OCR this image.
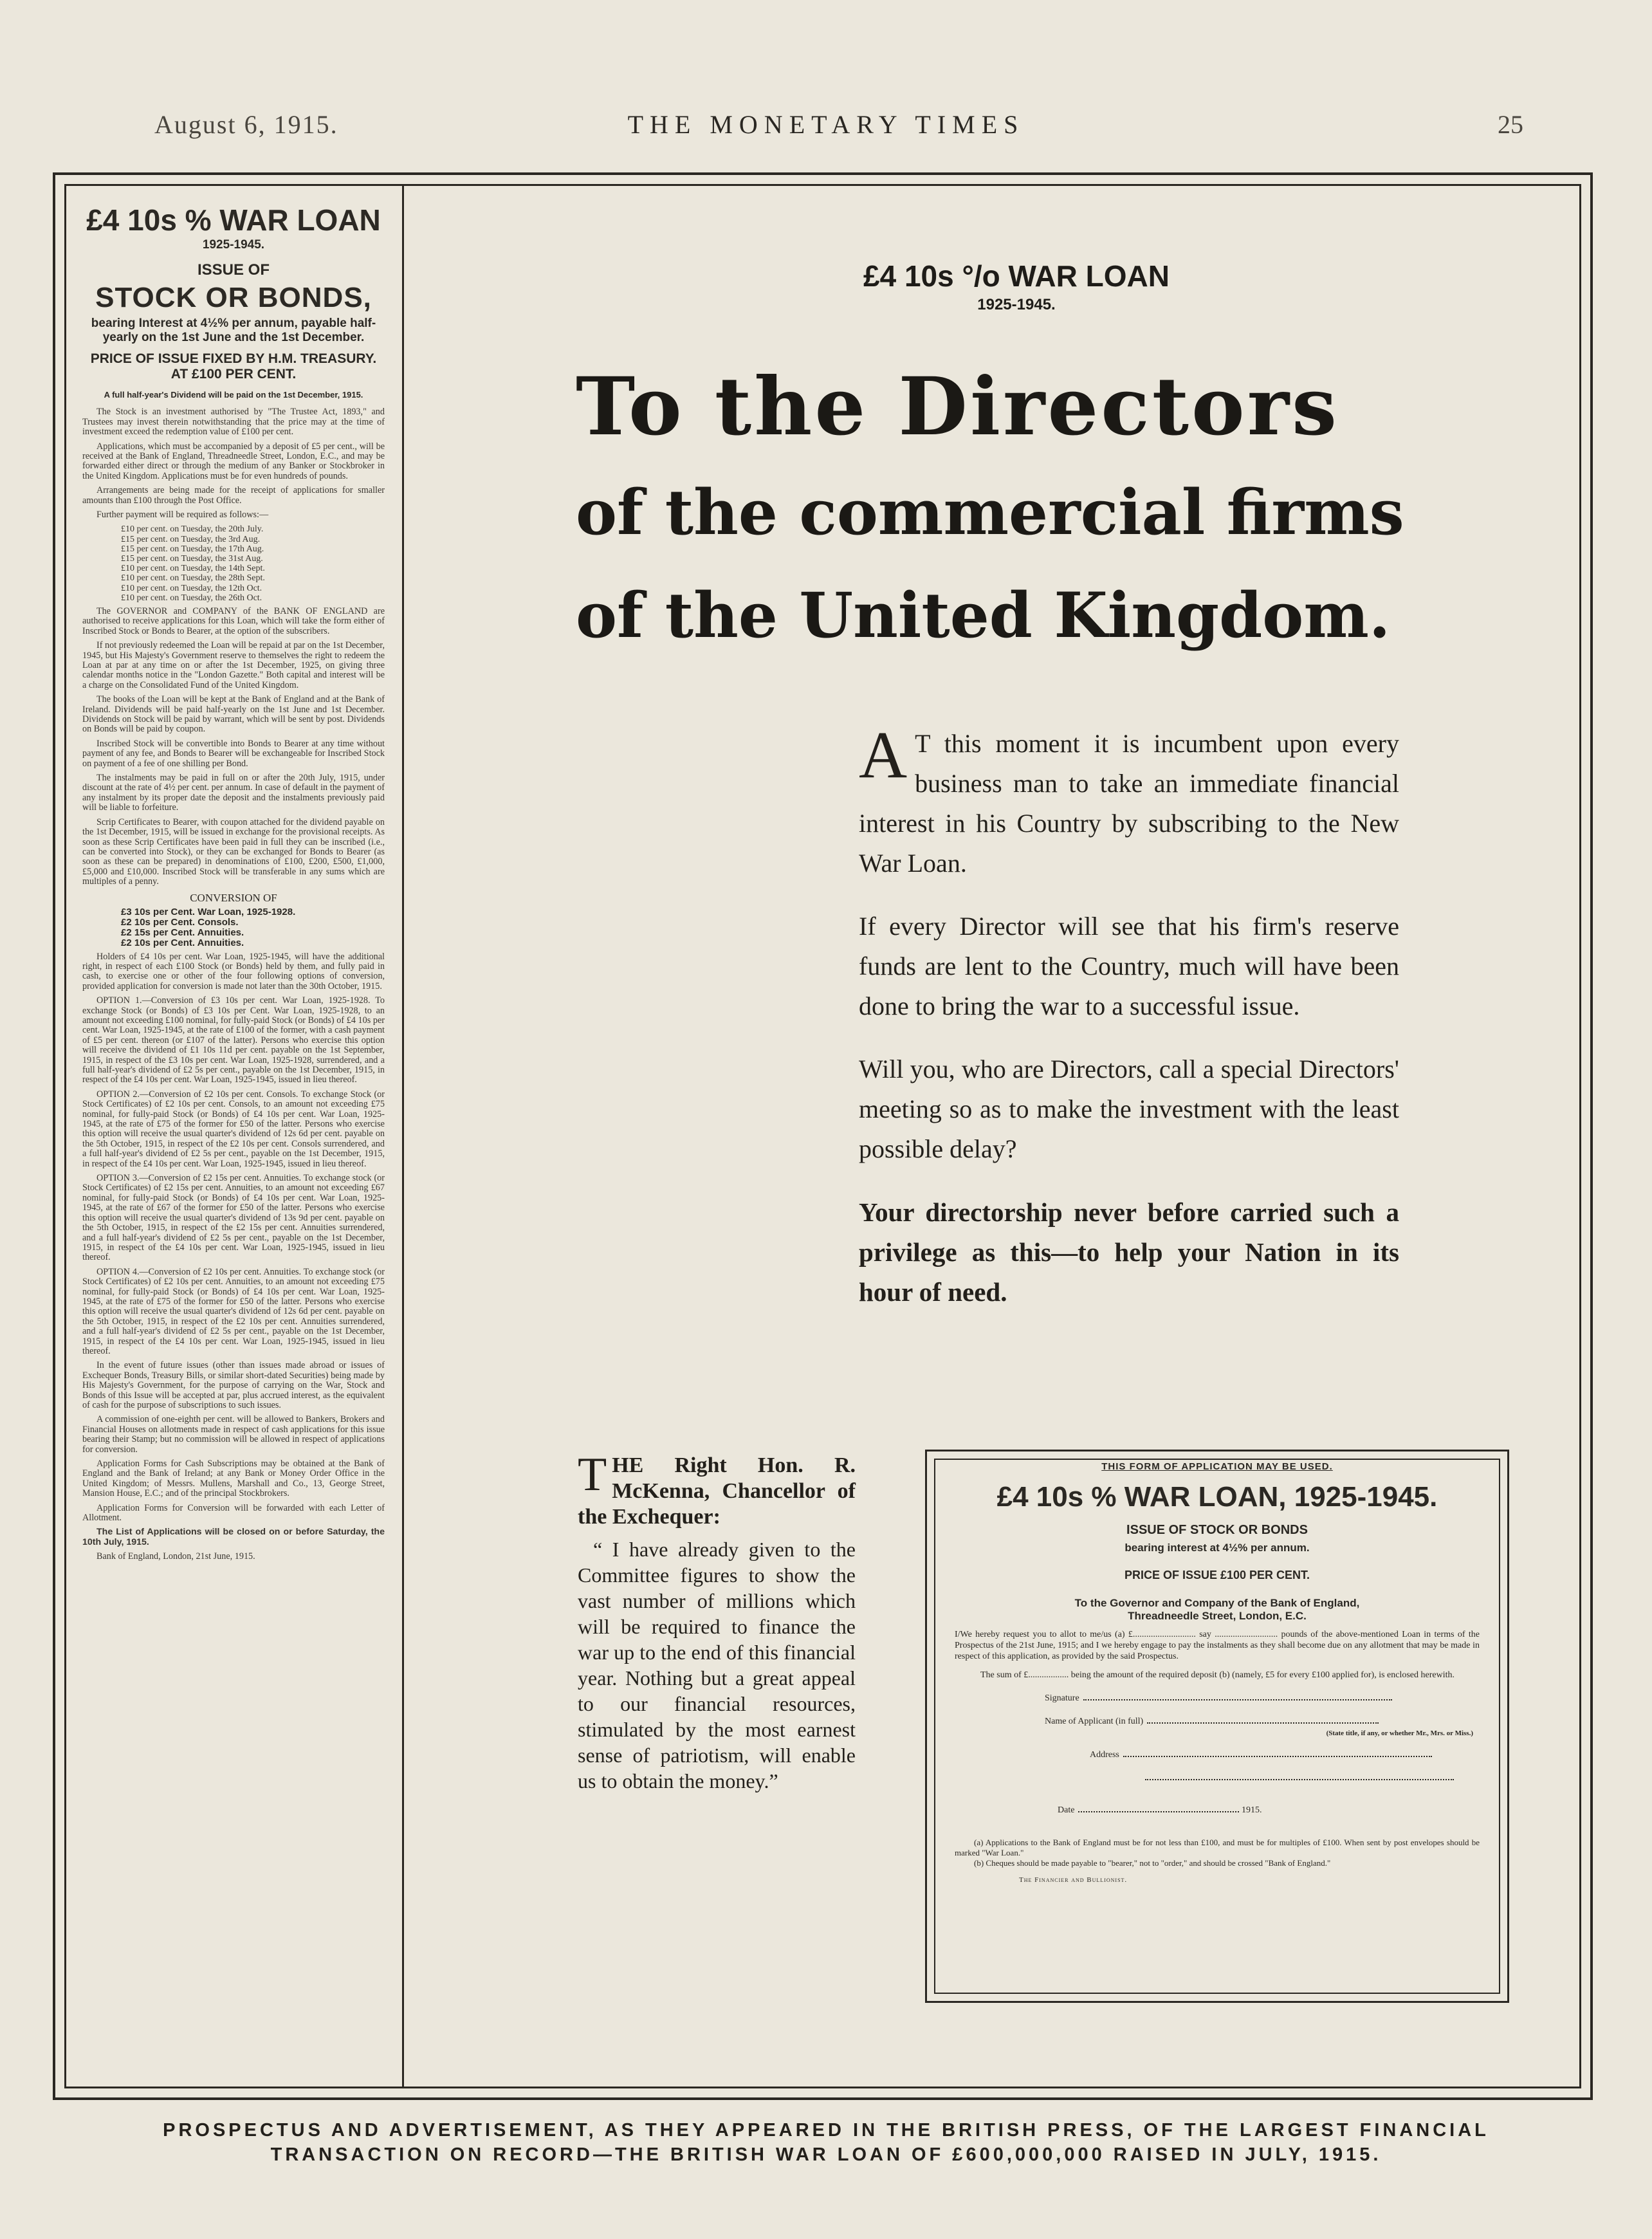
August 6, 1915.	THE MONETARY TIMES	25
£4 10s % WAR LOAN
1925-1945.
ISSUE OF
STOCK OR BONDS,
bearing Interest at 4½% per annum, payable half-yearly on the 1st June and the 1st December.
PRICE OF ISSUE FIXED BY H.M. TREASURY. AT £100 PER CENT.
A full half-year's Dividend will be paid on the 1st December, 1915.

The Stock is an investment authorised by "The Trustee Act, 1893," and Trustees may invest therein notwithstanding that the price may at the time of investment exceed the redemption value of £100 per cent.

Applications, which must be accompanied by a deposit of £5 per cent., will be received at the Bank of England, Threadneedle Street, London, E.C., and may be forwarded either direct or through the medium of any Banker or Stockbroker in the United Kingdom. Applications must be for even hundreds of pounds.

Arrangements are being made for the receipt of applications for smaller amounts than £100 through the Post Office.

Further payment will be required as follows:—

£10 per cent. on Tuesday, the 20th July.
£15 per cent. on Tuesday, the 3rd Aug.
£15 per cent. on Tuesday, the 17th Aug.
£15 per cent. on Tuesday, the 31st Aug.
£10 per cent. on Tuesday, the 14th Sept.
£10 per cent. on Tuesday, the 28th Sept.
£10 per cent. on Tuesday, the 12th Oct.
£10 per cent. on Tuesday, the 26th Oct.

The GOVERNOR and COMPANY of the BANK OF ENGLAND are authorised to receive applications for this Loan, which will take the form either of Inscribed Stock or Bonds to Bearer, at the option of the subscribers.

If not previously redeemed the Loan will be repaid at par on the 1st December, 1945, but His Majesty's Government reserve to themselves the right to redeem the Loan at par at any time on or after the 1st December, 1925, on giving three calendar months notice in the "London Gazette." Both capital and interest will be a charge on the Consolidated Fund of the United Kingdom.

The books of the Loan will be kept at the Bank of England and at the Bank of Ireland. Dividends will be paid half-yearly on the 1st June and 1st December. Dividends on Stock will be paid by warrant, which will be sent by post. Dividends on Bonds will be paid by coupon.

Inscribed Stock will be convertible into Bonds to Bearer at any time without payment of any fee, and Bonds to Bearer will be exchangeable for Inscribed Stock on payment of a fee of one shilling per Bond.

The instalments may be paid in full on or after the 20th July, 1915, under discount at the rate of 4½ per cent. per annum. In case of default in the payment of any instalment by its proper date the deposit and the instalments previously paid will be liable to forfeiture.

Scrip Certificates to Bearer, with coupon attached for the dividend payable on the 1st December, 1915, will be issued in exchange for the provisional receipts. As soon as these Scrip Certificates have been paid in full they can be inscribed (i.e., can be converted into Stock), or they can be exchanged for Bonds to Bearer (as soon as these can be prepared) in denominations of £100, £200, £500, £1,000, £5,000 and £10,000. Inscribed Stock will be transferable in any sums which are multiples of a penny.

CONVERSION OF
£3 10s per Cent. War Loan, 1925-1928.
£2 10s per Cent. Consols.
£2 15s per Cent. Annuities.
£2 10s per Cent. Annuities.

Holders of £4 10s per cent. War Loan, 1925-1945, will have the additional right, in respect of each £100 Stock (or Bonds) held by them, and fully paid in cash, to exercise one or other of the four following options of conversion, provided application for conversion is made not later than the 30th October, 1915.

OPTION 1.—Conversion of £3 10s per cent. War Loan, 1925-1928. To exchange Stock (or Bonds) of £3 10s per Cent. War Loan, 1925-1928, to an amount not exceeding £100 nominal, for fully-paid Stock (or Bonds) of £4 10s per cent. War Loan, 1925-1945, at the rate of £100 of the former, with a cash payment of £5 per cent. thereon (or £107 of the latter). Persons who exercise this option will receive the dividend of £1 10s 11d per cent. payable on the 1st September, 1915, in respect of the £3 10s per cent. War Loan, 1925-1928, surrendered, and a full half-year's dividend of £2 5s per cent., payable on the 1st December, 1915, in respect of the £4 10s per cent. War Loan, 1925-1945, issued in lieu thereof.

OPTION 2.—Conversion of £2 10s per cent. Consols. To exchange Stock (or Stock Certificates) of £2 10s per cent. Consols, to an amount not exceeding £75 nominal, for fully-paid Stock (or Bonds) of £4 10s per cent. War Loan, 1925-1945, at the rate of £75 of the former for £50 of the latter. Persons who exercise this option will receive the usual quarter's dividend of 12s 6d per cent. payable on the 5th October, 1915, in respect of the £2 10s per cent. Consols surrendered, and a full half-year's dividend of £2 5s per cent., payable on the 1st December, 1915, in respect of the £4 10s per cent. War Loan, 1925-1945, issued in lieu thereof.

OPTION 3.—Conversion of £2 15s per cent. Annuities. To exchange stock (or Stock Certificates) of £2 15s per cent. Annuities, to an amount not exceeding £67 nominal, for fully-paid Stock (or Bonds) of £4 10s per cent. War Loan, 1925-1945, at the rate of £67 of the former for £50 of the latter. Persons who exercise this option will receive the usual quarter's dividend of 13s 9d per cent. payable on the 5th October, 1915, in respect of the £2 15s per cent. Annuities surrendered, and a full half-year's dividend of £2 5s per cent., payable on the 1st December, 1915, in respect of the £4 10s per cent. War Loan, 1925-1945, issued in lieu thereof.

OPTION 4.—Conversion of £2 10s per cent. Annuities. To exchange stock (or Stock Certificates) of £2 10s per cent. Annuities, to an amount not exceeding £75 nominal, for fully-paid Stock (or Bonds) of £4 10s per cent. War Loan, 1925-1945, at the rate of £75 of the former for £50 of the latter. Persons who exercise this option will receive the usual quarter's dividend of 12s 6d per cent. payable on the 5th October, 1915, in respect of the £2 10s per cent. Annuities surrendered, and a full half-year's dividend of £2 5s per cent., payable on the 1st December, 1915, in respect of the £4 10s per cent. War Loan, 1925-1945, issued in lieu thereof.

In the event of future issues (other than issues made abroad or issues of Exchequer Bonds, Treasury Bills, or similar short-dated Securities) being made by His Majesty's Government, for the purpose of carrying on the War, Stock and Bonds of this Issue will be accepted at par, plus accrued interest, as the equivalent of cash for the purpose of subscriptions to such issues.

A commission of one-eighth per cent. will be allowed to Bankers, Brokers and Financial Houses on allotments made in respect of cash applications for this issue bearing their Stamp; but no commission will be allowed in respect of applications for conversion.

Application Forms for Cash Subscriptions may be obtained at the Bank of England and the Bank of Ireland; at any Bank or Money Order Office in the United Kingdom; of Messrs. Mullens, Marshall and Co., 13, George Street, Mansion House, E.C.; and of the principal Stockbrokers.

Application Forms for Conversion will be forwarded with each Letter of Allotment.

The List of Applications will be closed on or before Saturday, the 10th July, 1915.

Bank of England, London, 21st June, 1915.

£4 10s °/o WAR LOAN
1925-1945.
To the Directors
of the commercial firms
of the United Kingdom.

A T this moment it is incumbent upon every business man to take an immediate financial interest in his Country by subscribing to the New War Loan.

If every Director will see that his firm's reserve funds are lent to the Country, much will have been done to bring the war to a successful issue.

Will you, who are Directors, call a special Directors' meeting so as to make the investment with the least possible delay?

Your directorship never before carried such a privilege as this—to help your Nation in its hour of need.

THE Right Hon. R. McKenna, Chancellor of the Exchequer:

“ I have already given to the Committee figures to show the vast number of millions which will be required to finance the war up to the end of this financial year. Nothing but a great appeal to our financial resources, stimulated by the most earnest sense of patriotism, will enable us to obtain the money.”

THIS FORM OF APPLICATION MAY BE USED.
£4 10s % WAR LOAN, 1925-1945.
ISSUE OF STOCK OR BONDS
bearing interest at 4½% per annum.
PRICE OF ISSUE £100 PER CENT.
To the Governor and Company of the Bank of England,
Threadneedle Street, London, E.C.
I/We hereby request you to allot to me/us (a) £............................ say ............................ pounds of the above-mentioned Loan in terms of the Prospectus of the 21st June, 1915; and I we hereby engage to pay the instalments as they shall become due on any allotment that may be made in respect of this application, as provided by the said Prospectus.
The sum of £.................. being the amount of the required deposit (b) (namely, £5 for every £100 applied for), is enclosed herewith.
Signature
Name of Applicant (in full)
(State title, if any, or whether Mr., Mrs. or Miss.)
Address
Date	1915.
(a) Applications to the Bank of England must be for not less than £100, and must be for multiples of £100. When sent by post envelopes should be marked "War Loan."
(b) Cheques should be made payable to "bearer," not to "order," and should be crossed "Bank of England."
The Financier and Bullionist.
PROSPECTUS AND ADVERTISEMENT, AS THEY APPEARED IN THE BRITISH PRESS, OF THE LARGEST FINANCIAL
TRANSACTION ON RECORD—THE BRITISH WAR LOAN OF £600,000,000 RAISED IN JULY, 1915.
